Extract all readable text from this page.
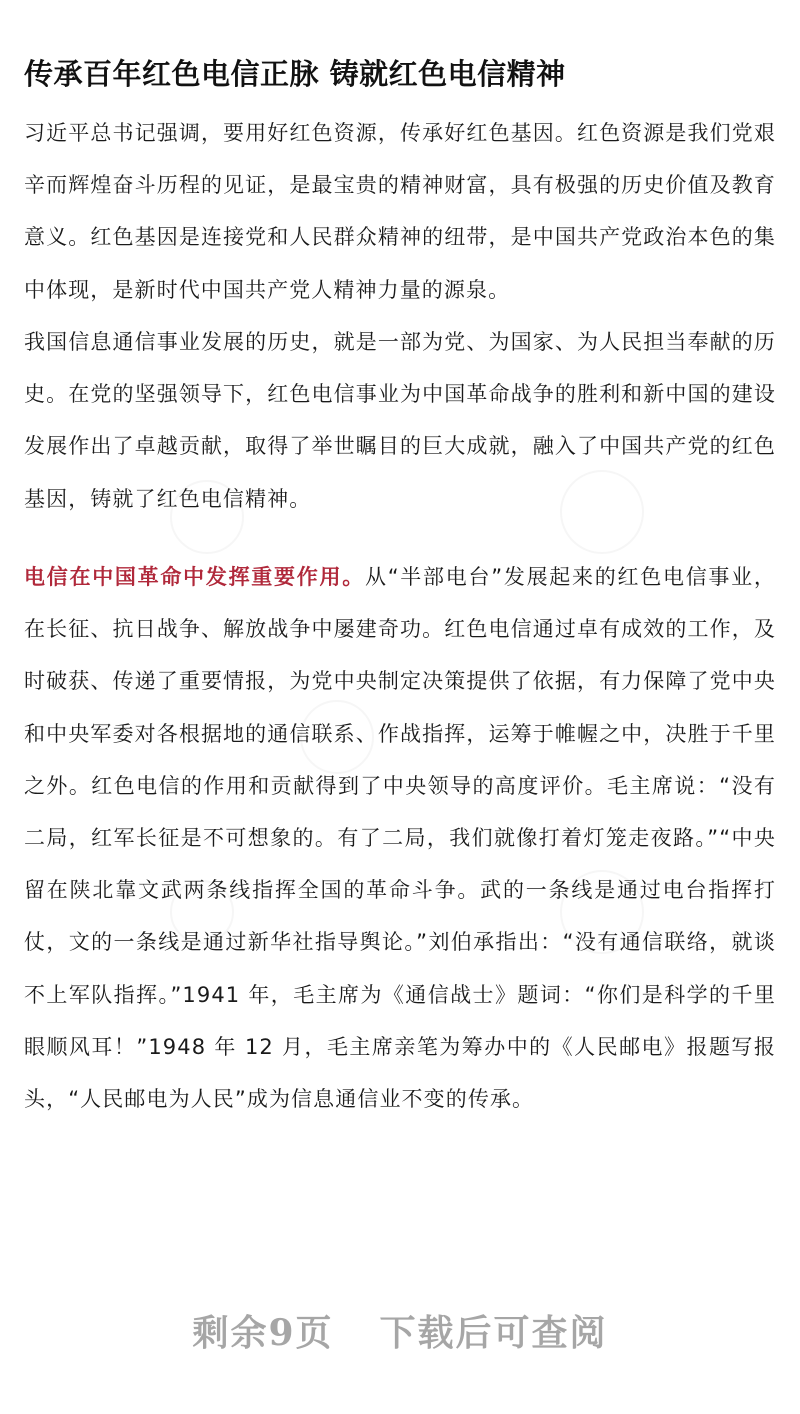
传承百年红色电信正脉 铸就红色电信精神

习近平总书记强调，要用好红色资源，传承好红色基因。红色资源是我们党艰辛而辉煌奋斗历程的见证，是最宝贵的精神财富，具有极强的历史价值及教育意义。红色基因是连接党和人民群众精神的纽带，是中国共产党政治本色的集中体现，是新时代中国共产党人精神力量的源泉。

我国信息通信事业发展的历史，就是一部为党、为国家、为人民担当奉献的历史。在党的坚强领导下，红色电信事业为中国革命战争的胜利和新中国的建设发展作出了卓越贡献，取得了举世瞩目的巨大成就，融入了中国共产党的红色基因，铸就了红色电信精神。

电信在中国革命中发挥重要作用。从“半部电台”发展起来的红色电信事业，在长征、抗日战争、解放战争中屡建奇功。红色电信通过卓有成效的工作，及时破获、传递了重要情报，为党中央制定决策提供了依据，有力保障了党中央和中央军委对各根据地的通信联系、作战指挥，运筹于帷幄之中，决胜于千里之外。红色电信的作用和贡献得到了中央领导的高度评价。毛主席说：“没有二局，红军长征是不可想象的。有了二局，我们就像打着灯笼走夜路。”“中央留在陕北靠文武两条线指挥全国的革命斗争。武的一条线是通过电台指挥打仗，文的一条线是通过新华社指导舆论。”刘伯承指出：“没有通信联络，就谈不上军队指挥。”1941 年，毛主席为《通信战士》题词：“你们是科学的千里眼顺风耳！”1948 年 12 月，毛主席亲笔为筹办中的《人民邮电》报题写报头，“人民邮电为人民”成为信息通信业不变的传承。

剩余9页 下载后可查阅
